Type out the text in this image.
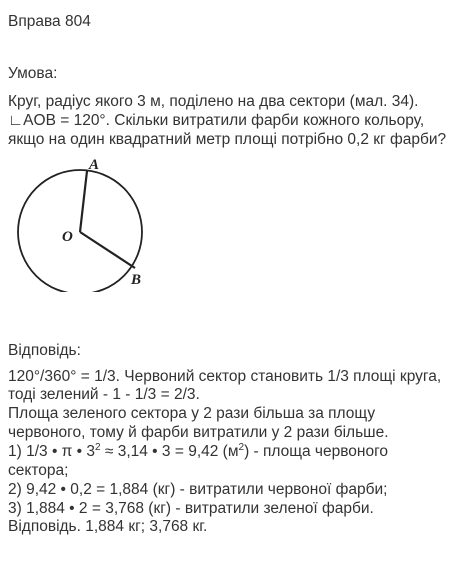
Вправа 804
Умова:
Круг, радіус якого 3 м, поділено на два сектори (мал. 34).
∟AOB = 120°. Скільки витратили фарби кожного кольору,
якщо на один квадратний метр площі потрібно 0,2 кг фарби?
O
A
B
Відповідь:
120°/360° = 1/3. Червоний сектор становить 1/3 площі круга,
тоді зелений - 1 - 1/3 = 2/3.
Площа зеленого сектора у 2 рази більша за площу
червоного, тому й фарби витратили у 2 рази більше.
1) 1/3 • π • $3^2 \approx 3,14$ • 3 = 9,42 $(м^2)$ - площа червоного
сектора;
2) 9,42 • 0,2 = 1,884 (кг) - витратили червоної фарби;
3) 1,884 • 2 = 3,768 (кг) - витратили зеленої фарби.
Відповідь. 1,884 кг; 3,768 кг.
